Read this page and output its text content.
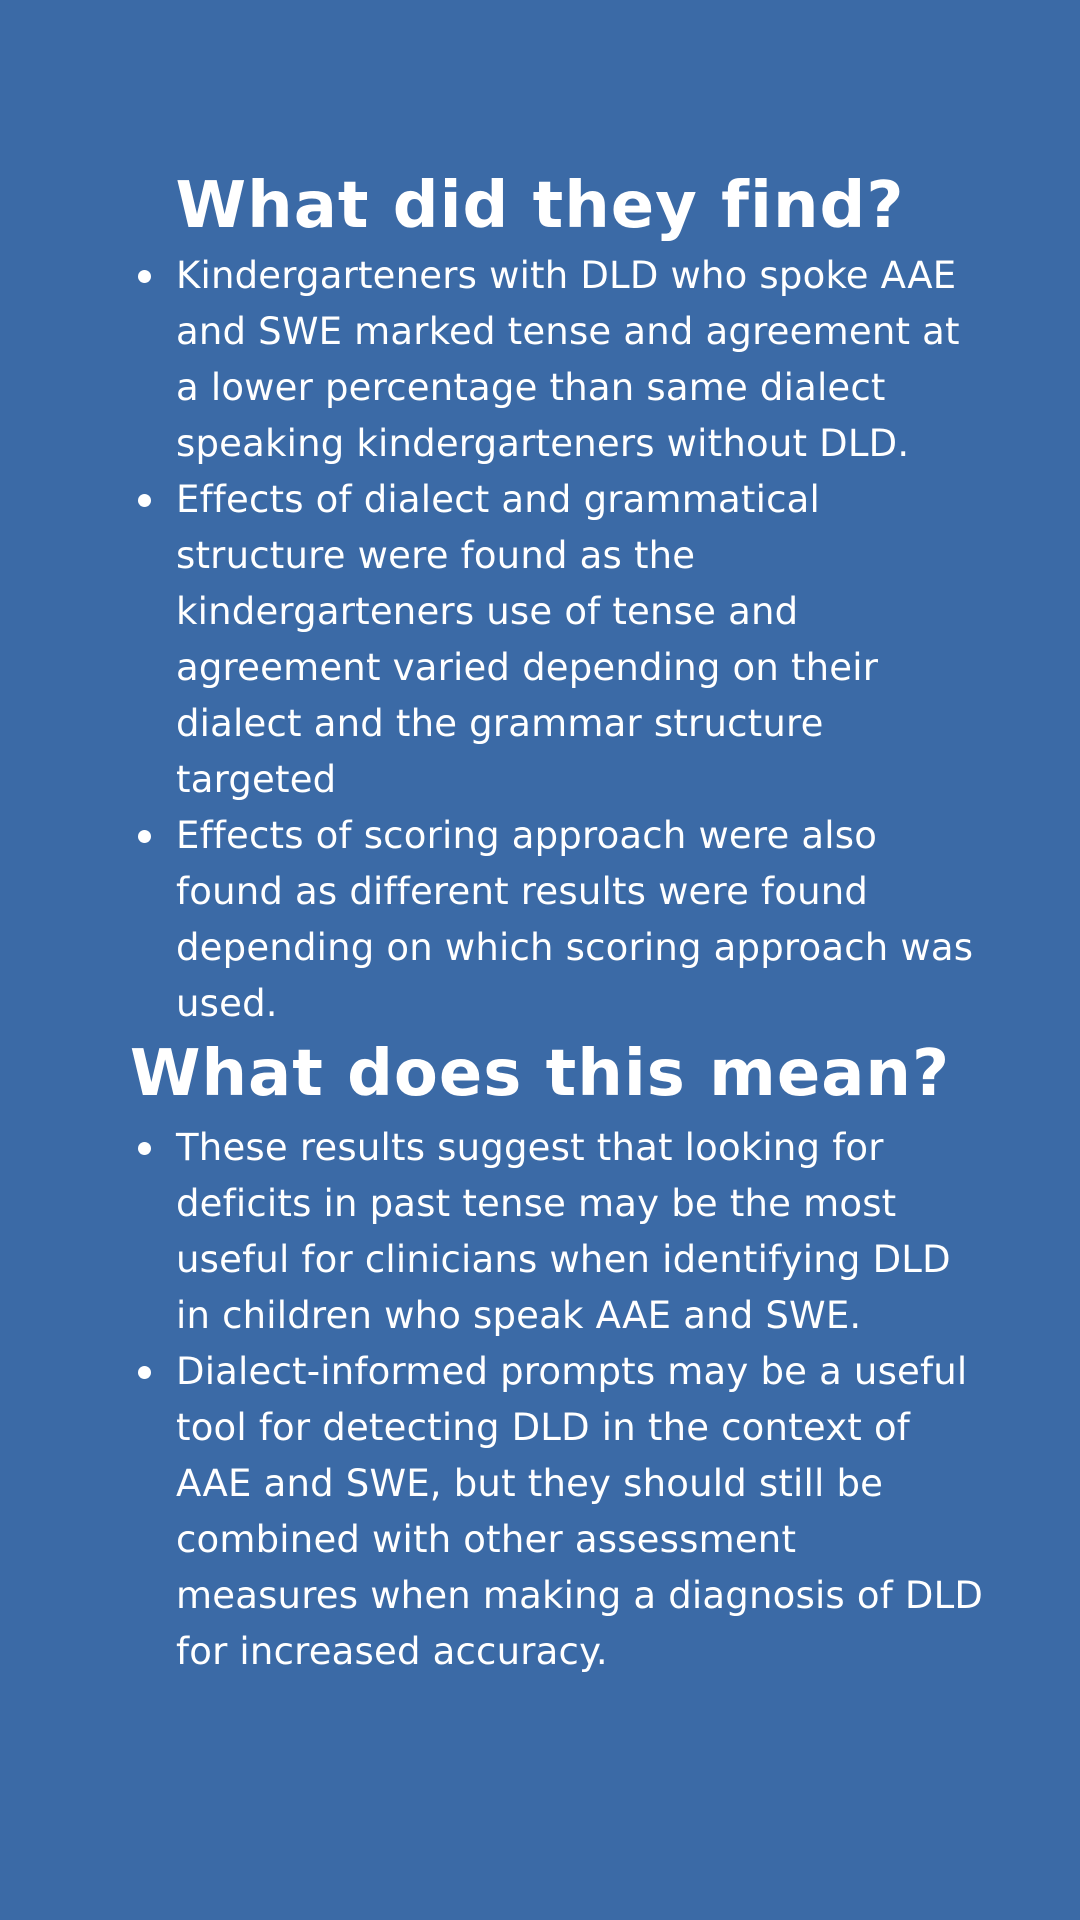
What did they find?
Kindergarteners with DLD who spoke AAE and SWE marked tense and agreement at a lower percentage than same dialect speaking kindergarteners without DLD.
Effects of dialect and grammatical structure were found as the kindergarteners use of tense and agreement varied depending on their dialect and the grammar structure targeted
Effects of scoring approach were also found as different results were found depending on which scoring approach was used.
What does this mean?
These results suggest that looking for deficits in past tense may be the most useful for clinicians when identifying DLD in children who speak AAE and SWE.
Dialect-informed prompts may be a useful tool for detecting DLD in the context of AAE and SWE, but they should still be combined with other assessment measures when making a diagnosis of DLD for increased accuracy.
